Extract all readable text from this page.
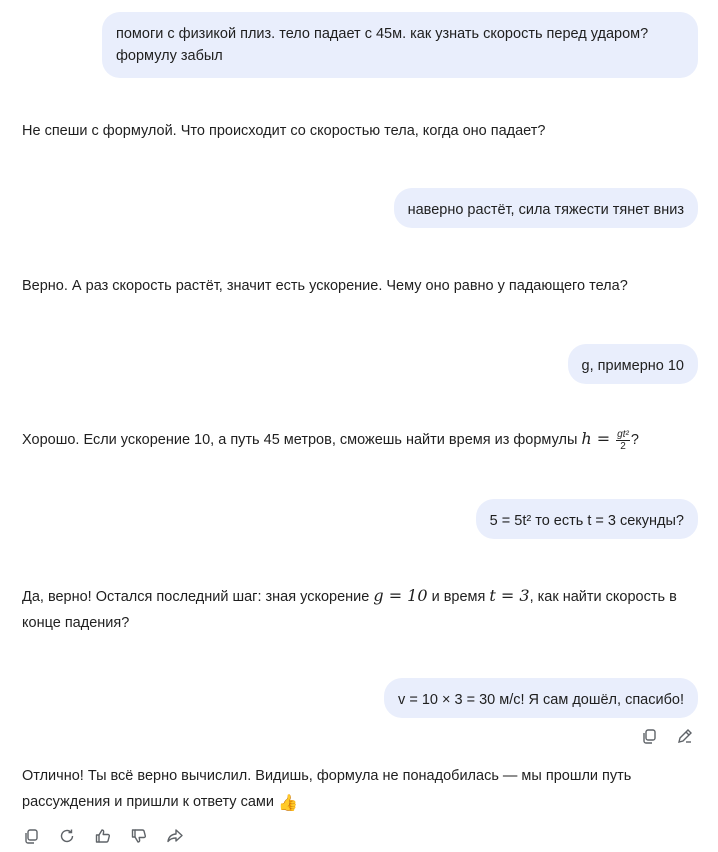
помоги с физикой плиз. тело падает с 45м. как узнать скорость перед ударом? формулу забыл
Не спеши с формулой. Что происходит со скоростью тела, когда оно падает?
наверно растёт, сила тяжести тянет вниз
Верно. А раз скорость растёт, значит есть ускорение. Чему оно равно у падающего тела?
g, примерно 10
Хорошо. Если ускорение 10, а путь 45 метров, сможешь найти время из формулы $h = \frac{\text{gt²}}{2}$ ?
5 = 5t² то есть t = 3 секунды?
Да, верно! Остался последний шаг: зная ускорение g = 10 и время t = 3, как найти скорость в конце падения?
v = 10 × 3 = 30 м/с! Я сам дошёл, спасибо!
Отлично! Ты всё верно вычислил. Видишь, формула не понадобилась — мы прошли путь рассуждения и пришли к ответу сами 👍
